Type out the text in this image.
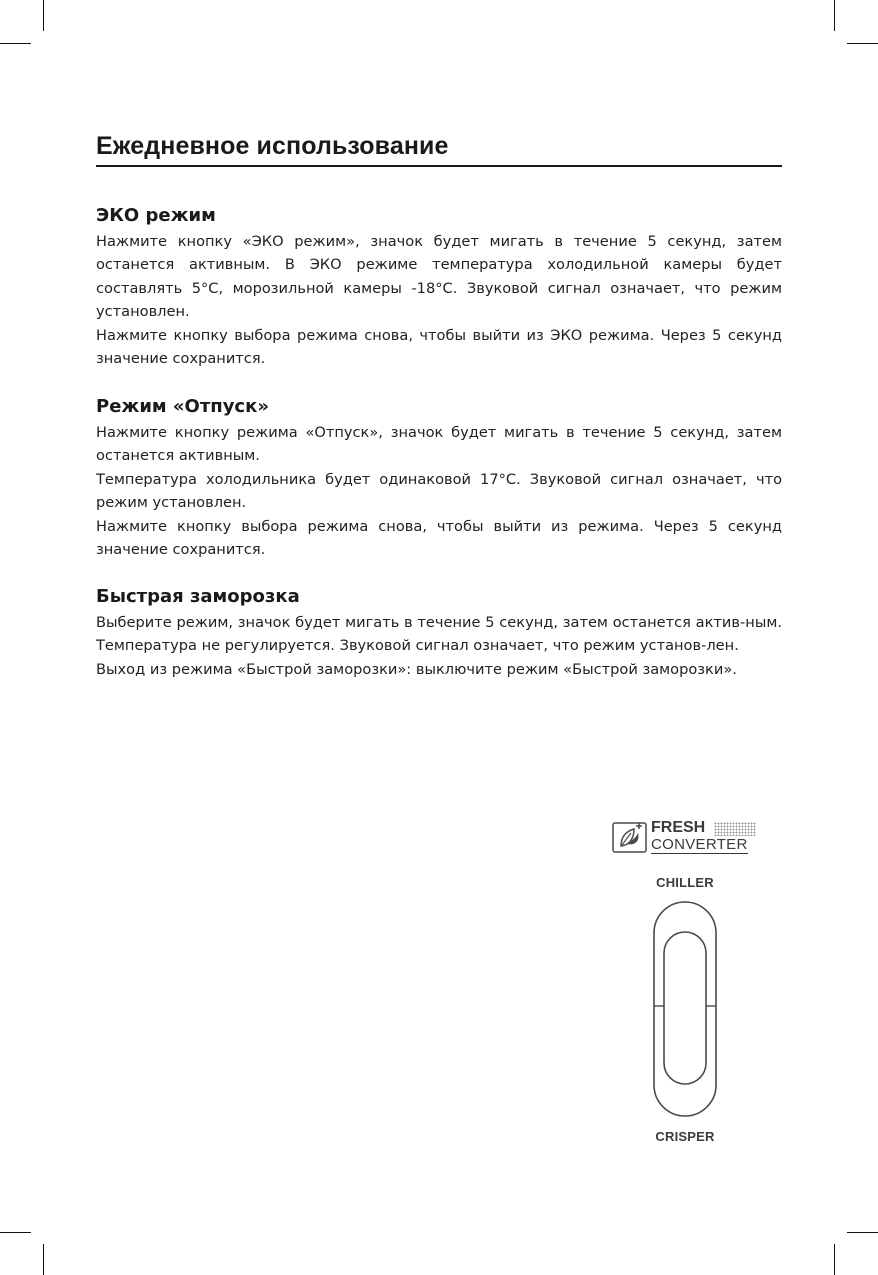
Ежедневное использование
ЭКО режим

Нажмите кнопку «ЭКО режим», значок будет мигать в течение 5 секунд, затем останется активным. В ЭКО режиме температура холодильной камеры будет составлять 5°С, морозильной камеры -18°С. Звуковой сигнал означает, что режим установлен.

Нажмите кнопку выбора режима снова, чтобы выйти из ЭКО режима. Через 5 секунд значение сохранится.

Режим «Отпуск»

Нажмите кнопку режима «Отпуск», значок будет мигать в течение 5 секунд, затем останется активным.

Температура холодильника будет одинаковой 17°С. Звуковой сигнал означает, что режим установлен.

Нажмите кнопку выбора режима снова, чтобы выйти из режима. Через 5 секунд значение сохранится.

Быстрая заморозка

Выберите режим, значок будет мигать в течение 5 секунд, затем останется актив-ным. Температура не регулируется. Звуковой сигнал означает, что режим установ-лен.

Выход из режима «Быстрой заморозки»: выключите режим «Быстрой заморозки».

FRESH
CONVERTER
CHILLER
CRISPER
